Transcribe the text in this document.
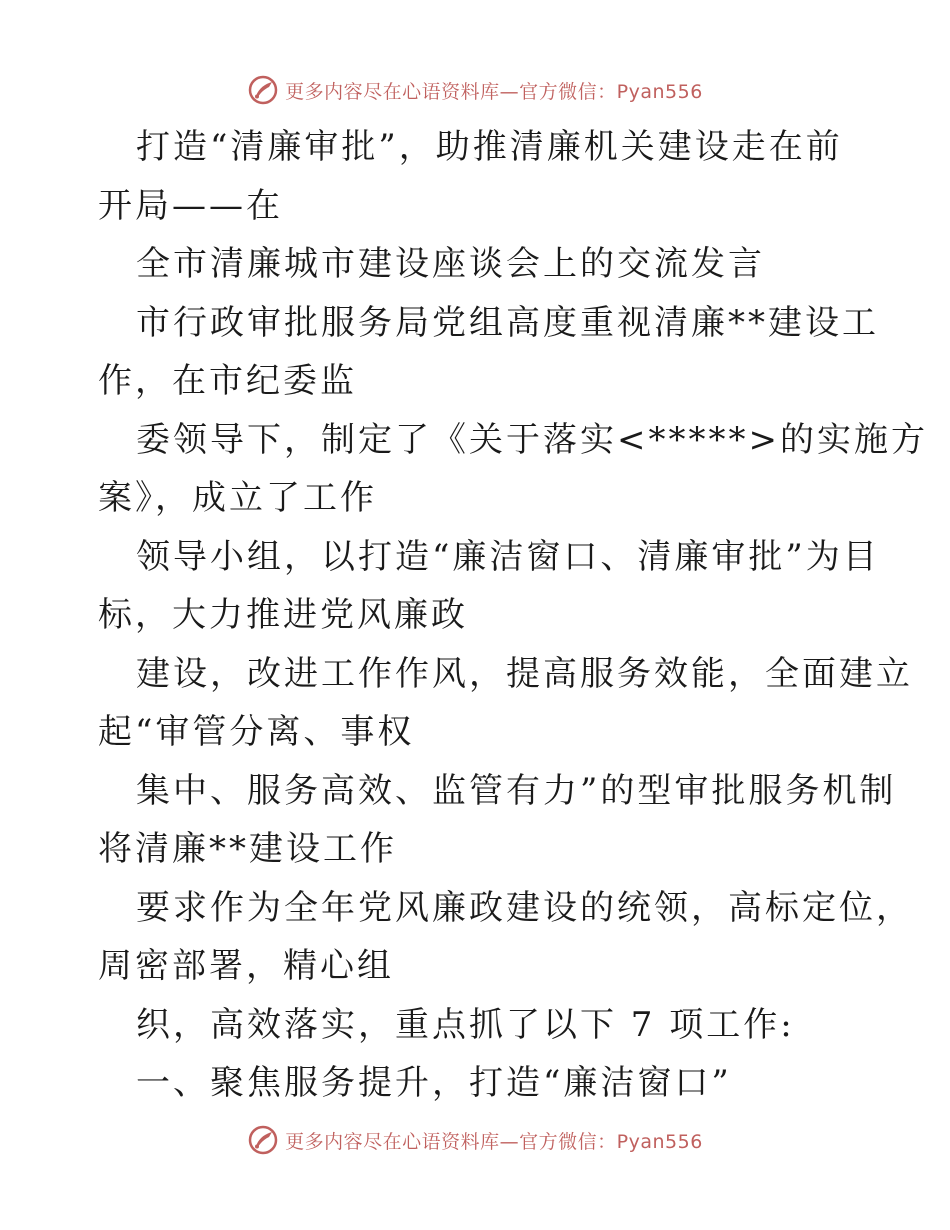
更多内容尽在心语资料库—官方微信：Pyan556
打造“清廉审批”，助推清廉机关建设走在前
开局——在
全市清廉城市建设座谈会上的交流发言
市行政审批服务局党组高度重视清廉**建设工
作，在市纪委监
委领导下，制定了《关于落实<*****>的实施方
案》，成立了工作
领导小组，以打造“廉洁窗口、清廉审批”为目
标，大力推进党风廉政
建设，改进工作作风，提高服务效能，全面建立
起“审管分离、事权
集中、服务高效、监管有力”的型审批服务机制
将清廉**建设工作
要求作为全年党风廉政建设的统领，高标定位，
周密部署，精心组
织，高效落实，重点抓了以下 7 项工作:
一、聚焦服务提升，打造“廉洁窗口”
更多内容尽在心语资料库—官方微信：Pyan556
